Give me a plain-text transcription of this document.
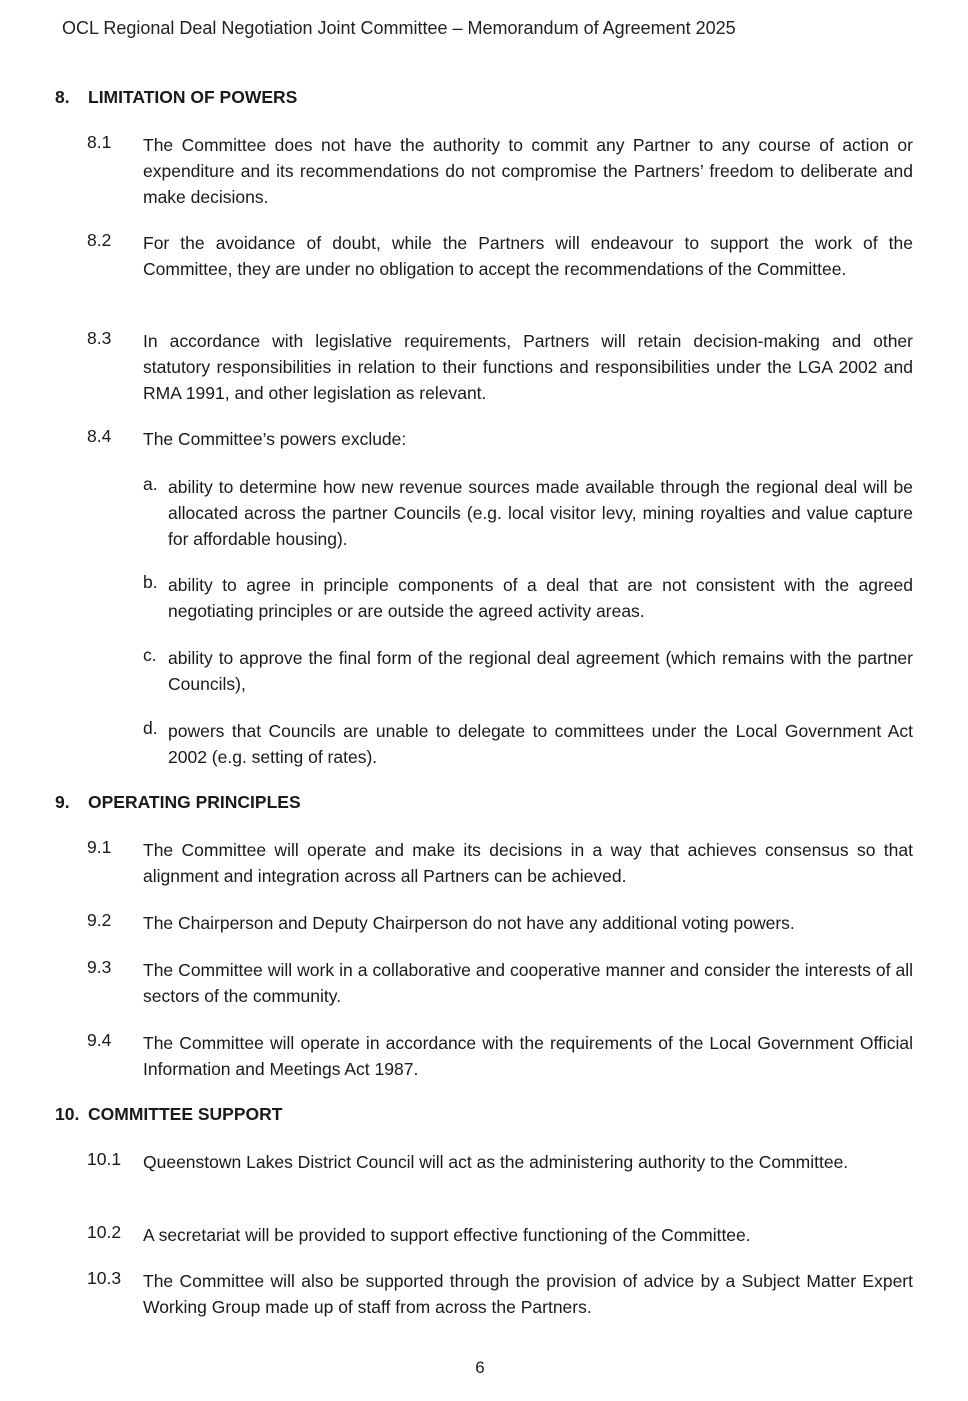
OCL Regional Deal Negotiation Joint Committee – Memorandum of Agreement 2025
8. LIMITATION OF POWERS
8.1 The Committee does not have the authority to commit any Partner to any course of action or expenditure and its recommendations do not compromise the Partners’ freedom to deliberate and make decisions.
8.2 For the avoidance of doubt, while the Partners will endeavour to support the work of the Committee, they are under no obligation to accept the recommendations of the Committee.
8.3 In accordance with legislative requirements, Partners will retain decision-making and other statutory responsibilities in relation to their functions and responsibilities under the LGA 2002 and RMA 1991, and other legislation as relevant.
8.4 The Committee’s powers exclude:
a. ability to determine how new revenue sources made available through the regional deal will be allocated across the partner Councils (e.g. local visitor levy, mining royalties and value capture for affordable housing).
b. ability to agree in principle components of a deal that are not consistent with the agreed negotiating principles or are outside the agreed activity areas.
c. ability to approve the final form of the regional deal agreement (which remains with the partner Councils),
d. powers that Councils are unable to delegate to committees under the Local Government Act 2002 (e.g. setting of rates).
9. OPERATING PRINCIPLES
9.1 The Committee will operate and make its decisions in a way that achieves consensus so that alignment and integration across all Partners can be achieved.
9.2 The Chairperson and Deputy Chairperson do not have any additional voting powers.
9.3 The Committee will work in a collaborative and cooperative manner and consider the interests of all sectors of the community.
9.4 The Committee will operate in accordance with the requirements of the Local Government Official Information and Meetings Act 1987.
10. COMMITTEE SUPPORT
10.1 Queenstown Lakes District Council will act as the administering authority to the Committee.
10.2 A secretariat will be provided to support effective functioning of the Committee.
10.3 The Committee will also be supported through the provision of advice by a Subject Matter Expert Working Group made up of staff from across the Partners.
6
